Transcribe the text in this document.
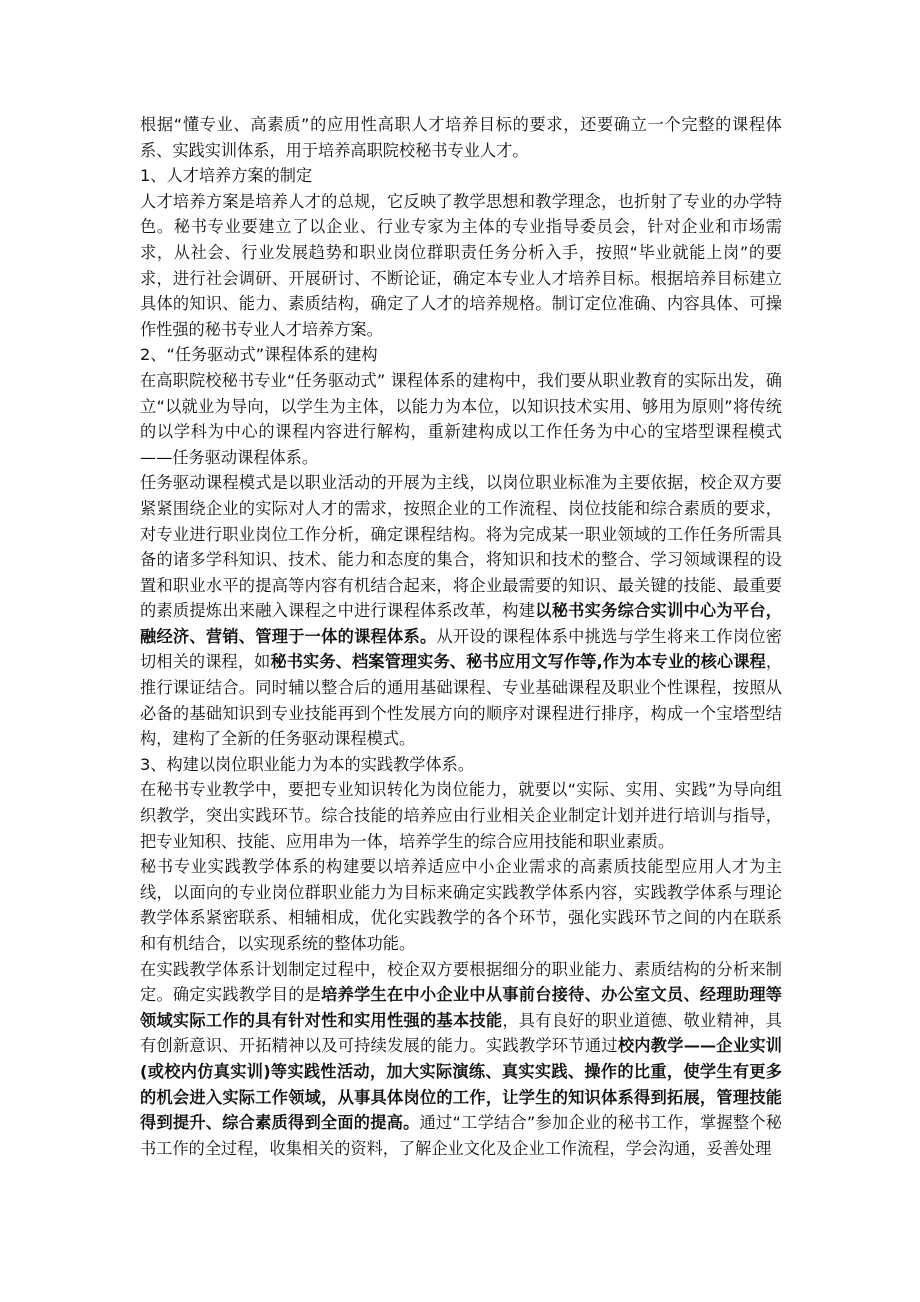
根据“懂专业、高素质”的应用性高职人才培养目标的要求，还要确立一个完整的课程体系、实践实训体系，用于培养高职院校秘书专业人才。

1、人才培养方案的制定

人才培养方案是培养人才的总规，它反映了教学思想和教学理念，也折射了专业的办学特色。秘书专业要建立了以企业、行业专家为主体的专业指导委员会，针对企业和市场需求，从社会、行业发展趋势和职业岗位群职责任务分析入手，按照“毕业就能上岗”的要求，进行社会调研、开展研讨、不断论证，确定本专业人才培养目标。根据培养目标建立具体的知识、能力、素质结构，确定了人才的培养规格。制订定位准确、内容具体、可操作性强的秘书专业人才培养方案。

2、“任务驱动式”课程体系的建构

在高职院校秘书专业“任务驱动式” 课程体系的建构中，我们要从职业教育的实际出发，确立“以就业为导向，以学生为主体，以能力为本位，以知识技术实用、够用为原则”将传统的以学科为中心的课程内容进行解构，重新建构成以工作任务为中心的宝塔型课程模式——任务驱动课程体系。

任务驱动课程模式是以职业活动的开展为主线，以岗位职业标准为主要依据，校企双方要紧紧围绕企业的实际对人才的需求，按照企业的工作流程、岗位技能和综合素质的要求，对专业进行职业岗位工作分析，确定课程结构。将为完成某一职业领域的工作任务所需具备的诸多学科知识、技术、能力和态度的集合，将知识和技术的整合、学习领域课程的设置和职业水平的提高等内容有机结合起来，将企业最需要的知识、最关键的技能、最重要的素质提炼出来融入课程之中进行课程体系改革，构建以秘书实务综合实训中心为平台，融经济、营销、管理于一体的课程体系。从开设的课程体系中挑选与学生将来工作岗位密切相关的课程，如秘书实务、档案管理实务、秘书应用文写作等,作为本专业的核心课程，推行课证结合。同时辅以整合后的通用基础课程、专业基础课程及职业个性课程，按照从必备的基础知识到专业技能再到个性发展方向的顺序对课程进行排序，构成一个宝塔型结构，建构了全新的任务驱动课程模式。

3、构建以岗位职业能力为本的实践教学体系。

在秘书专业教学中，要把专业知识转化为岗位能力，就要以“实际、实用、实践”为导向组织教学，突出实践环节。综合技能的培养应由行业相关企业制定计划并进行培训与指导，把专业知积、技能、应用串为一体，培养学生的综合应用技能和职业素质。

秘书专业实践教学体系的构建要以培养适应中小企业需求的高素质技能型应用人才为主线，以面向的专业岗位群职业能力为目标来确定实践教学体系内容，实践教学体系与理论教学体系紧密联系、相辅相成，优化实践教学的各个环节，强化实践环节之间的内在联系和有机结合，以实现系统的整体功能。

在实践教学体系计划制定过程中，校企双方要根据细分的职业能力、素质结构的分析来制定。确定实践教学目的是培养学生在中小企业中从事前台接待、办公室文员、经理助理等领域实际工作的具有针对性和实用性强的基本技能，具有良好的职业道德、敬业精神，具有创新意识、开拓精神以及可持续发展的能力。实践教学环节通过校内教学——企业实训(或校内仿真实训)等实践性活动，加大实际演练、真实实践、操作的比重，使学生有更多的机会进入实际工作领域，从事具体岗位的工作，让学生的知识体系得到拓展，管理技能得到提升、综合素质得到全面的提高。通过“工学结合”参加企业的秘书工作，掌握整个秘书工作的全过程，收集相关的资料，了解企业文化及企业工作流程，学会沟通，妥善处理
